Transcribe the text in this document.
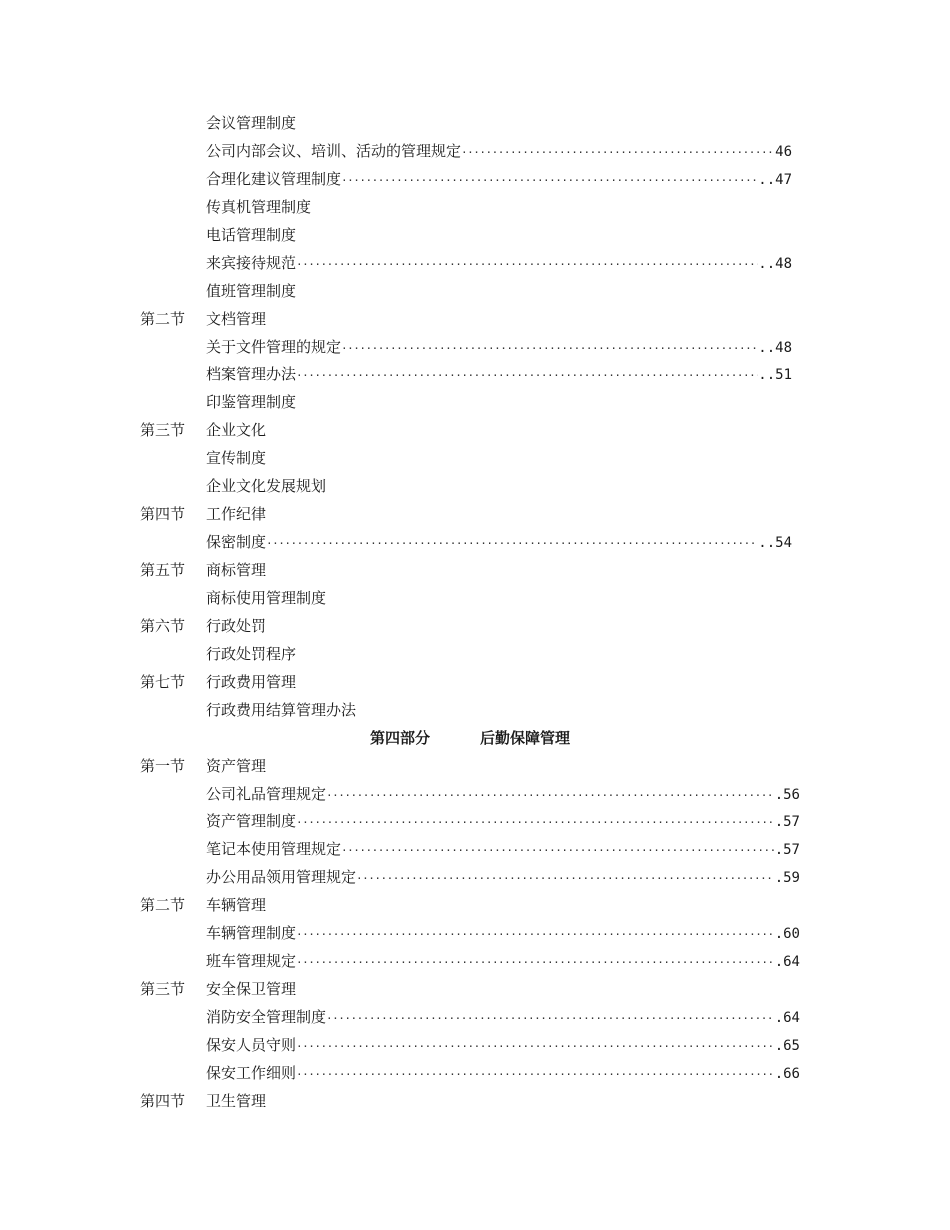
会议管理制度
公司内部会议、培训、活动的管理规定 ·····	46
合理化建议管理制度 ·····	..47
传真机管理制度
电话管理制度
来宾接待规范 ·····	..48
值班管理制度
第二节 文档管理
关于文件管理的规定 ·····	..48
档案管理办法 ·····	..51
印鉴管理制度
第三节 企业文化
宣传制度
企业文化发展规划
第四节 工作纪律
保密制度 ·····	..54
第五节 商标管理
商标使用管理制度
第六节 行政处罚
行政处罚程序
第七节 行政费用管理
行政费用结算管理办法
第四部分	后勤保障管理
第一节 资产管理
公司礼品管理规定 ·····	.56
资产管理制度 ·····	.57
笔记本使用管理规定 ·····	.57
办公用品领用管理规定 ·····	.59
第二节 车辆管理
车辆管理制度 ·····	.60
班车管理规定 ·····	.64
第三节 安全保卫管理
消防安全管理制度 ·····	.64
保安人员守则 ·····	.65
保安工作细则 ·····	.66
第四节 卫生管理
